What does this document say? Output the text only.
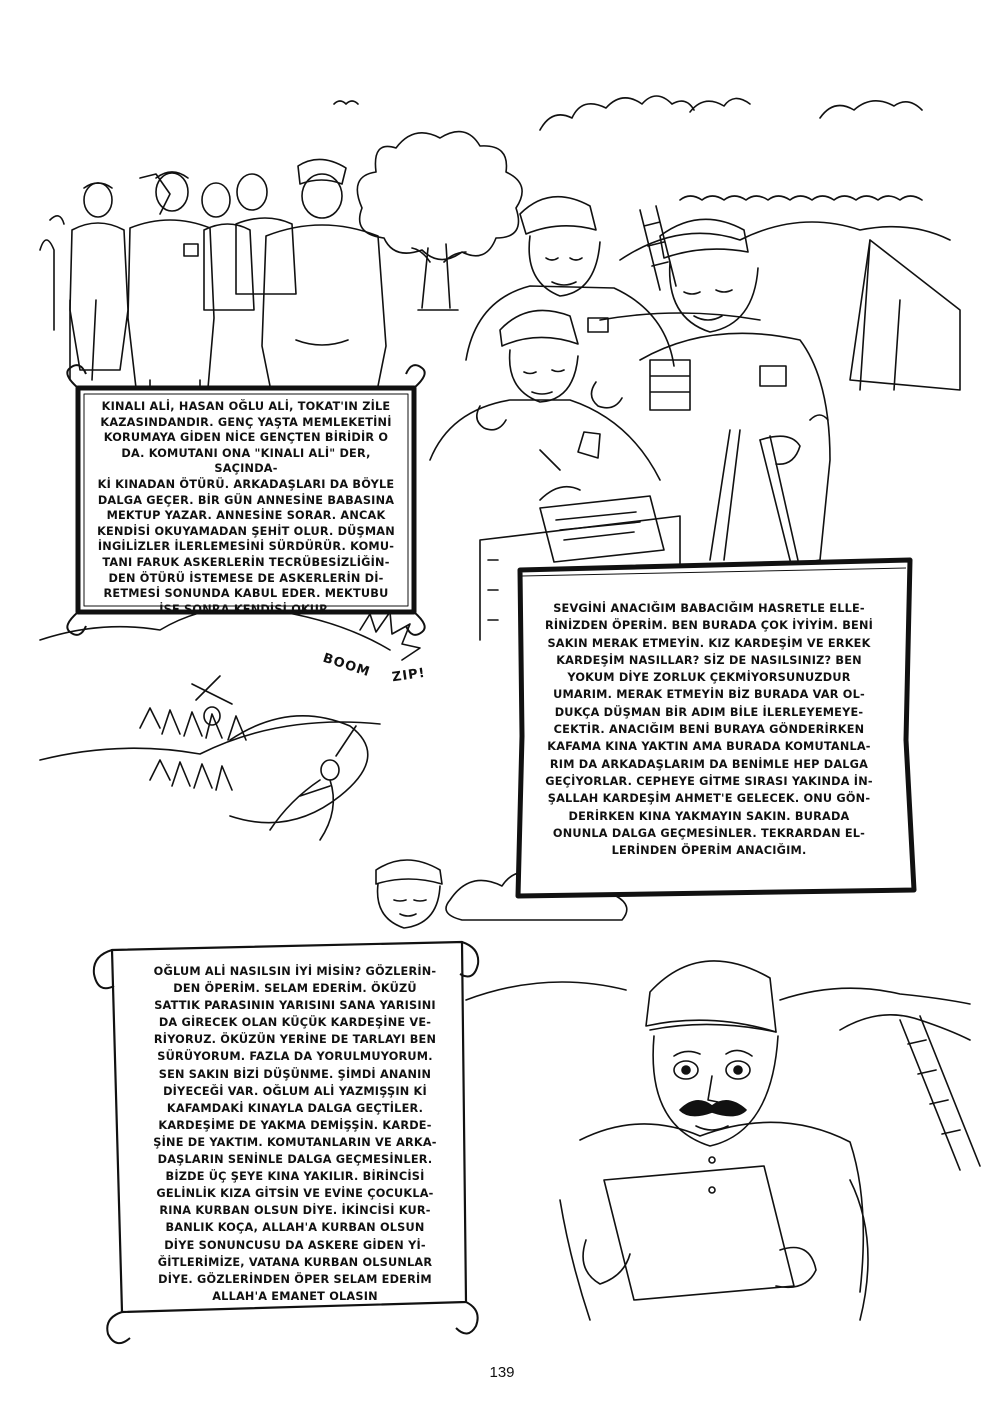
BOOM ZIP!

KINALI ALİ, HASAN OĞLU ALİ, TOKAT'IN ZİLE
KAZASINDANDIR. GENÇ YAŞTA MEMLEKETİNİ
KORUMAYA GİDEN NİCE GENÇTEN BİRİDİR O
DA. KOMUTANI ONA "KINALI ALİ" DER, SAÇINDA-
Kİ KINADAN ÖTÜRÜ. ARKADAŞLARI DA BÖYLE
DALGA GEÇER. BİR GÜN ANNESİNE BABASINA
MEKTUP YAZAR. ANNESİNE SORAR. ANCAK
KENDİSİ OKUYAMADAN ŞEHİT OLUR. DÜŞMAN
İNGİLİZLER İLERLEMESİNİ SÜRDÜRÜR. KOMU-
TANI FARUK ASKERLERİN TECRÜBESİZLİĞİN-
DEN ÖTÜRÜ İSTEMESE DE ASKERLERİN Dİ-
RETMESİ SONUNDA KABUL EDER. MEKTUBU
İSE SONRA KENDİSİ OKUR.	SEVGİNİ ANACIĞIM BABACIĞIM HASRETLE ELLE-
RİNİZDEN ÖPERİM. BEN BURADA ÇOK İYİYİM. BENİ
SAKIN MERAK ETMEYİN. KIZ KARDEŞİM VE ERKEK
KARDEŞİM NASILLAR? SİZ DE NASILSINIZ? BEN
YOKUM DİYE ZORLUK ÇEKMİYORSUNUZDUR
UMARIM. MERAK ETMEYİN BİZ BURADA VAR OL-
DUKÇA DÜŞMAN BİR ADIM BİLE İLERLEYEMEYE-
CEKTİR. ANACIĞIM BENİ BURAYA GÖNDERİRKEN
KAFAMA KINA YAKTIN AMA BURADA KOMUTANLA-
RIM DA ARKADAŞLARIM DA BENİMLE HEP DALGA
GEÇİYORLAR. CEPHEYE GİTME SIRASI YAKINDA İN-
ŞALLAH KARDEŞİM AHMET'E GELECEK. ONU GÖN-
DERİRKEN KINA YAKMAYIN SAKIN. BURADA
ONUNLA DALGA GEÇMESİNLER. TEKRARDAN EL-
LERİNDEN ÖPERİM ANACIĞIM.

OĞLUM ALİ NASILSIN İYİ MİSİN? GÖZLERİN-
DEN ÖPERİM. SELAM EDERİM. ÖKÜZÜ
SATTIK PARASININ YARISINI SANA YARISINI
DA GİRECEK OLAN KÜÇÜK KARDEŞİNE VE-
RİYORUZ. ÖKÜZÜN YERİNE DE TARLAYI BEN
SÜRÜYORUM. FAZLA DA YORULMUYORUM.
SEN SAKIN BİZİ DÜŞÜNME. ŞİMDİ ANANIN
DİYECEĞİ VAR. OĞLUM ALİ YAZMIŞŞIN Kİ
KAFAMDAKİ KINAYLA DALGA GEÇTİLER.
KARDEŞİME DE YAKMA DEMİŞŞİN. KARDE-
ŞİNE DE YAKTIM. KOMUTANLARIN VE ARKA-
DAŞLARIN SENİNLE DALGA GEÇMESİNLER.
BİZDE ÜÇ ŞEYE KINA YAKILIR. BİRİNCİSİ
GELİNLİK KIZA GİTSİN VE EVİNE ÇOCUKLA-
RINA KURBAN OLSUN DİYE. İKİNCİSİ KUR-
BANLIK KOÇA, ALLAH'A KURBAN OLSUN
DİYE SONUNCUSU DA ASKERE GİDEN Yİ-
ĞİTLERİMİZE, VATANA KURBAN OLSUNLAR
DİYE. GÖZLERİNDEN ÖPER SELAM EDERİM
ALLAH'A EMANET OLASIN

139
